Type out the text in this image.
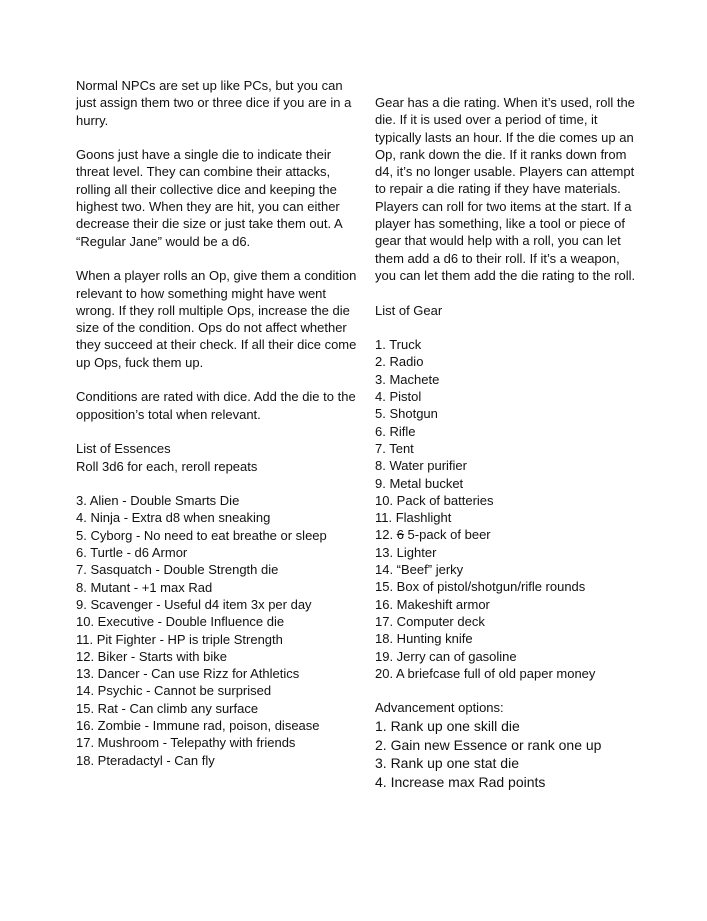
Normal NPCs are set up like PCs, but you can just assign them two or three dice if you are in a hurry.

Goons just have a single die to indicate their threat level. They can combine their attacks, rolling all their collective dice and keeping the highest two. When they are hit, you can either decrease their die size or just take them out. A “Regular Jane” would be a d6.

When a player rolls an Op, give them a condition relevant to how something might have went wrong. If they roll multiple Ops, increase the die size of the condition. Ops do not affect whether they succeed at their check. If all their dice come up Ops, fuck them up.

Conditions are rated with dice. Add the die to the opposition’s total when relevant.

List of Essences

Roll 3d6 for each, reroll repeats

3. Alien - Double Smarts Die
4. Ninja - Extra d8 when sneaking
5. Cyborg - No need to eat breathe or sleep
6. Turtle - d6 Armor
7. Sasquatch - Double Strength die
8. Mutant - +1 max Rad
9. Scavenger - Useful d4 item 3x per day
10. Executive - Double Influence die
11. Pit Fighter - HP is triple Strength
12. Biker - Starts with bike
13. Dancer - Can use Rizz for Athletics
14. Psychic - Cannot be surprised
15. Rat - Can climb any surface
16. Zombie - Immune rad, poison, disease
17. Mushroom - Telepathy with friends
18. Pteradactyl - Can fly

Gear has a die rating. When it’s used, roll the die. If it is used over a period of time, it typically lasts an hour. If the die comes up an Op, rank down the die. If it ranks down from d4, it’s no longer usable. Players can attempt to repair a die rating if they have materials. Players can roll for two items at the start. If a player has something, like a tool or piece of gear that would help with a roll, you can let them add a d6 to their roll. If it’s a weapon, you can let them add the die rating to the roll.

List of Gear

1. Truck
2. Radio
3. Machete
4. Pistol
5. Shotgun
6. Rifle
7. Tent
8. Water purifier
9. Metal bucket
10. Pack of batteries
11. Flashlight
12. 6 5-pack of beer
13. Lighter
14. “Beef” jerky
15. Box of pistol/shotgun/rifle rounds
16. Makeshift armor
17. Computer deck
18. Hunting knife
19. Jerry can of gasoline
20. A briefcase full of old paper money

Advancement options:

1. Rank up one skill die
2. Gain new Essence or rank one up
3. Rank up one stat die
4. Increase max Rad points
